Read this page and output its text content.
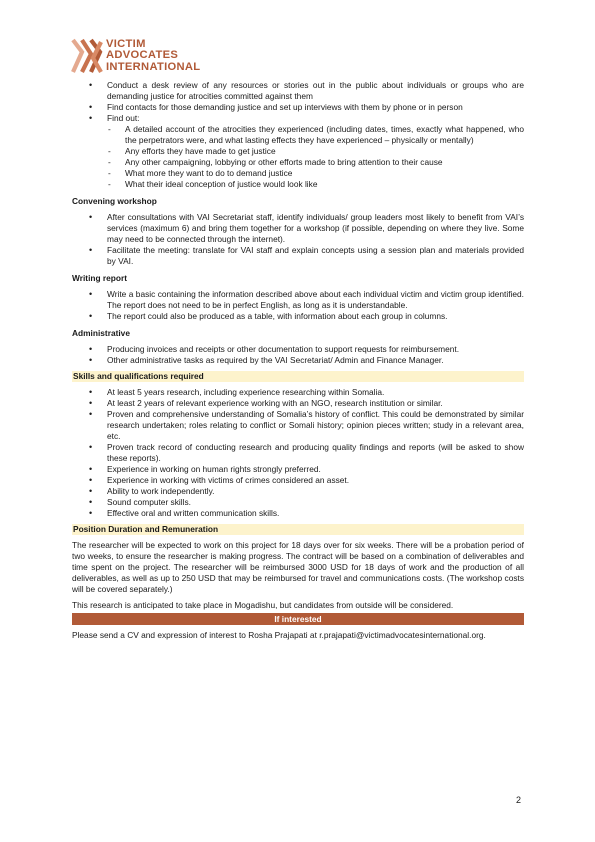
VICTIM
ADVOCATES
INTERNATIONAL
• Conduct a desk review of any resources or stories out in the public about individuals or groups who are demanding justice for atrocities committed against them
• Find contacts for those demanding justice and set up interviews with them by phone or in person
• Find out:
- A detailed account of the atrocities they experienced (including dates, times, exactly what happened, who the perpetrators were, and what lasting effects they have experienced – physically or mentally)
- Any efforts they have made to get justice
- Any other campaigning, lobbying or other efforts made to bring attention to their cause
- What more they want to do to demand justice
- What their ideal conception of justice would look like
Convening workshop
• After consultations with VAI Secretariat staff, identify individuals/ group leaders most likely to benefit from VAI’s services (maximum 6) and bring them together for a workshop (if possible, depending on where they live. Some may need to be connected through the internet).
• Facilitate the meeting: translate for VAI staff and explain concepts using a session plan and materials provided by VAI.
Writing report
• Write a basic containing the information described above about each individual victim and victim group identified. The report does not need to be in perfect English, as long as it is understandable.
• The report could also be produced as a table, with information about each group in columns.
Administrative
• Producing invoices and receipts or other documentation to support requests for reimbursement.
• Other administrative tasks as required by the VAI Secretariat/ Admin and Finance Manager.
Skills and qualifications required
• At least 5 years research, including experience researching within Somalia.
• At least 2 years of relevant experience working with an NGO, research institution or similar.
• Proven and comprehensive understanding of Somalia’s history of conflict. This could be demonstrated by similar research undertaken; roles relating to conflict or Somali history; opinion pieces written; study in a relevant area, etc.
• Proven track record of conducting research and producing quality findings and reports (will be asked to show these reports).
• Experience in working on human rights strongly preferred.
• Experience in working with victims of crimes considered an asset.
• Ability to work independently.
• Sound computer skills.
• Effective oral and written communication skills.
Position Duration and Remuneration
The researcher will be expected to work on this project for 18 days over for six weeks. There will be a probation period of two weeks, to ensure the researcher is making progress. The contract will be based on a combination of deliverables and time spent on the project. The researcher will be reimbursed 3000 USD for 18 days of work and the production of all deliverables, as well as up to 250 USD that may be reimbursed for travel and communications costs. (The workshop costs will be covered separately.)
This research is anticipated to take place in Mogadishu, but candidates from outside will be considered.
If interested
Please send a CV and expression of interest to Rosha Prajapati at r.prajapati@victimadvocatesinternational.org.
2
